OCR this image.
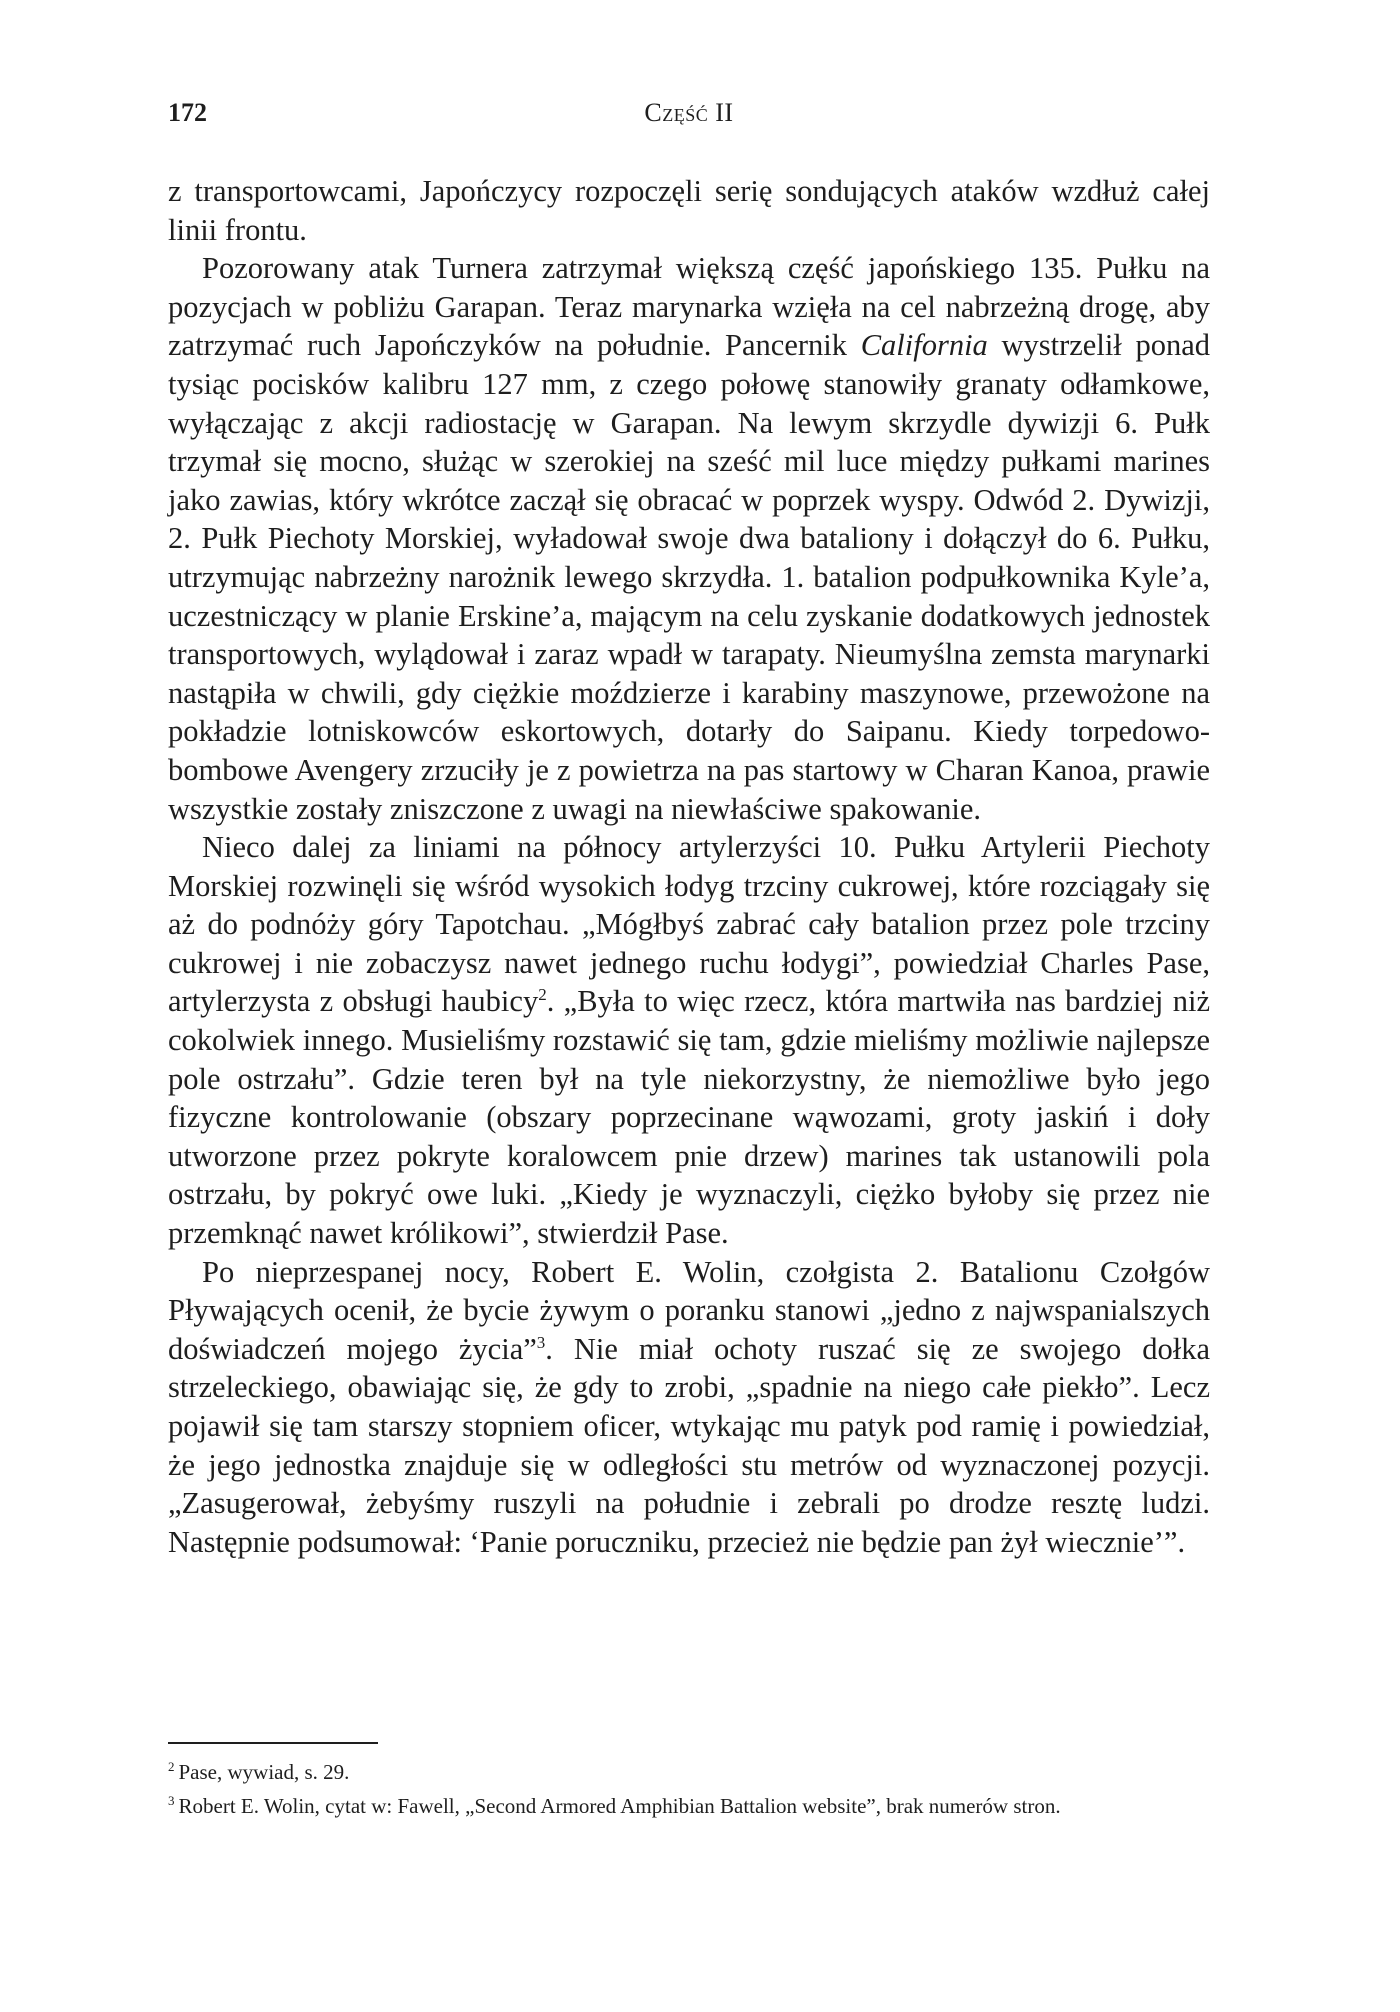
172	Część II

z transportowcami, Japończycy rozpoczęli serię sondujących ataków wzdłuż całej linii frontu.

Pozorowany atak Turnera zatrzymał większą część japońskiego 135. Pułku na pozycjach w pobliżu Garapan. Teraz marynarka wzięła na cel nabrzeżną drogę, aby zatrzymać ruch Japończyków na południe. Pancernik California wystrzelił ponad tysiąc pocisków kalibru 127 mm, z czego połowę stanowiły granaty odłamkowe, wyłączając z akcji radiostację w Garapan. Na lewym skrzydle dywizji 6. Pułk trzymał się mocno, służąc w szerokiej na sześć mil luce między pułkami marines jako zawias, który wkrótce zaczął się obracać w poprzek wyspy. Odwód 2. Dywizji, 2. Pułk Piechoty Morskiej, wyładował swoje dwa bataliony i dołączył do 6. Pułku, utrzymując nabrzeżny narożnik lewego skrzydła. 1. batalion podpułkownika Kyle’a, uczestniczący w planie Erskine’a, mającym na celu zyskanie dodatkowych jednostek transportowych, wylądował i zaraz wpadł w tarapaty. Nieumyślna zemsta marynarki nastąpiła w chwili, gdy ciężkie moździerze i karabiny maszynowe, przewożone na pokładzie lotniskowców eskortowych, dotarły do Saipanu. Kiedy torpedowo-bombowe Avengery zrzuciły je z powietrza na pas startowy w Charan Kanoa, prawie wszystkie zostały zniszczone z uwagi na niewłaściwe spakowanie.

Nieco dalej za liniami na północy artylerzyści 10. Pułku Artylerii Piechoty Morskiej rozwinęli się wśród wysokich łodyg trzciny cukrowej, które rozciągały się aż do podnóży góry Tapotchau. „Mógłbyś zabrać cały batalion przez pole trzciny cukrowej i nie zobaczysz nawet jednego ruchu łodygi”, powiedział Charles Pase, artylerzysta z obsługi haubicy$^2$. „Była to więc rzecz, która martwiła nas bardziej niż cokolwiek innego. Musieliśmy rozstawić się tam, gdzie mieliśmy możliwie najlepsze pole ostrzału”. Gdzie teren był na tyle niekorzystny, że niemożliwe było jego fizyczne kontrolowanie (obszary poprzecinane wąwozami, groty jaskiń i doły utworzone przez pokryte koralowcem pnie drzew) marines tak ustanowili pola ostrzału, by pokryć owe luki. „Kiedy je wyznaczyli, ciężko byłoby się przez nie przemknąć nawet królikowi”, stwierdził Pase.

Po nieprzespanej nocy, Robert E. Wolin, czołgista 2. Batalionu Czołgów Pływających ocenił, że bycie żywym o poranku stanowi „jedno z najwspanialszych doświadczeń mojego życia”$^3$. Nie miał ochoty ruszać się ze swojego dołka strzeleckiego, obawiając się, że gdy to zrobi, „spadnie na niego całe piekło”. Lecz pojawił się tam starszy stopniem oficer, wtykając mu patyk pod ramię i powiedział, że jego jednostka znajduje się w odległości stu metrów od wyznaczonej pozycji. „Zasugerował, żebyśmy ruszyli na południe i zebrali po drodze resztę ludzi. Następnie podsumował: ‘Panie poruczniku, przecież nie będzie pan żył wiecznie’”.

$^2$ Pase, wywiad, s. 29.

$^3$ Robert E. Wolin, cytat w: Fawell, „Second Armored Amphibian Battalion website”, brak numerów stron.
